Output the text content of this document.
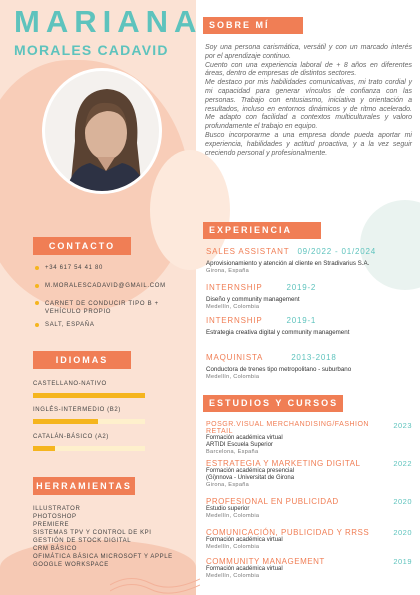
MARIANA
MORALES CADAVID
CONTACTO
+34 617 54 41 80
M.MORALESCADAVID@GMAIL.COM
CARNET DE CONDUCIR TIPO B + VEHÍCULO PROPIO
SALT, ESPAÑA
IDIOMAS
CASTELLANO-NATIVO
INGLÉS-INTERMEDIO (B2)
CATALÁN-BÁSICO (A2)
HERRAMIENTAS
ILLUSTRATOR
PHOTOSHOP
PREMIERE
SISTEMAS TPV Y CONTROL DE KPI
GESTIÓN DE STOCK DIGITAL
CRM BÁSICO
OFIMÁTICA BÁSICA MICROSOFT Y APPLE
GOOGLE WORKSPACE
SOBRE MÍ

Soy una persona carismática, versátil y con un marcado interés por el aprendizaje continuo.

Cuento con una experiencia laboral de + 8 años en diferentes áreas, dentro de empresas de distintos sectores.

Me destaco por mis habilidades comunicativas, mi trato cordial y mi capacidad para generar vínculos de confianza con las personas. Trabajo con entusiasmo, iniciativa y orientación a resultados, incluso en entornos dinámicos y de ritmo acelerado. Me adapto con facilidad a contextos multiculturales y valoro profundamente el trabajo en equipo.

Busco incorporarme a una empresa donde pueda aportar mi experiencia, habilidades y actitud proactiva, y a la vez seguir creciendo personal y profesionalmente.

EXPERIENCIA
SALES ASSISTANT 09/2022 - 01/2024
Aprovisionamiento y atención al cliente en Stradivarius S.A.
Girona, España
INTERNSHIP	2019-2
Diseño y community management
Medellín, Colombia
INTERNSHIP	2019-1
Estrategia creativa digital y community management
MAQUINISTA	2013-2018
Conductora de trenes tipo metropolitano - suburbano
Medellín, Colombia
ESTUDIOS Y CURSOS
POSGR.VISUAL MERCHANDISING/FASHION RETAIL
2023
Formación académica virtual
ARTIDI Escuela Superior
Barcelona, España
ESTRATEGIA Y MARKETING DIGITAL	2022
Formación académica presencial
(Gi)nnova - Universitat de Girona
Girona, España
PROFESIONAL EN PUBLICIDAD	2020
Estudio superior
Medellín, Colombia
COMUNICACIÓN, PUBLICIDAD Y RRSS	2020
Formación académica virtual
Medellín, Colombia
COMMUNITY MANAGEMENT	2019
Formación académica virtual
Medellín, Colombia
